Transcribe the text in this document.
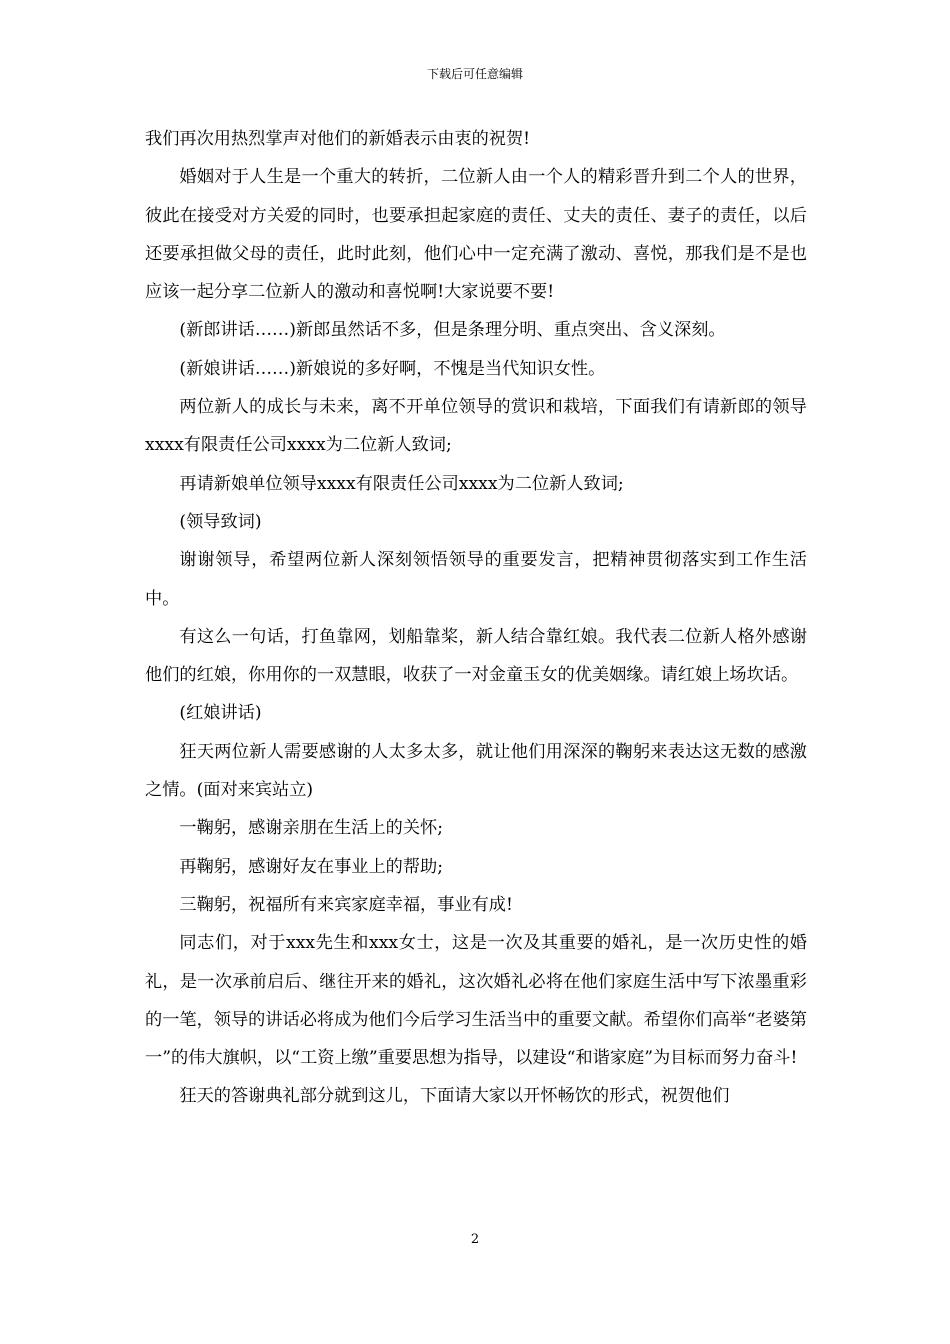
下载后可任意编辑

我们再次用热烈掌声对他们的新婚表示由衷的祝贺!

婚姻对于人生是一个重大的转折，二位新人由一个人的精彩晋升到二个人的世界，彼此在接受对方关爱的同时，也要承担起家庭的责任、丈夫的责任、妻子的责任，以后还要承担做父母的责任，此时此刻，他们心中一定充满了激动、喜悦，那我们是不是也应该一起分享二位新人的激动和喜悦啊!大家说要不要!

(新郎讲话……)新郎虽然话不多，但是条理分明、重点突出、含义深刻。

(新娘讲话……)新娘说的多好啊，不愧是当代知识女性。

两位新人的成长与未来，离不开单位领导的赏识和栽培，下面我们有请新郎的领导xxxx有限责任公司xxxx为二位新人致词;

再请新娘单位领导xxxx有限责任公司xxxx为二位新人致词;

(领导致词)

谢谢领导，希望两位新人深刻领悟领导的重要发言，把精神贯彻落实到工作生活中。

有这么一句话，打鱼靠网，划船靠桨，新人结合靠红娘。我代表二位新人格外感谢他们的红娘，你用你的一双慧眼，收获了一对金童玉女的优美姻缘。请红娘上场坎话。

(红娘讲话)

狂天两位新人需要感谢的人太多太多，就让他们用深深的鞠躬来表达这无数的感激之情。(面对来宾站立)

一鞠躬，感谢亲朋在生活上的关怀;

再鞠躬，感谢好友在事业上的帮助;

三鞠躬，祝福所有来宾家庭幸福，事业有成!

同志们，对于xxx先生和xxx女士，这是一次及其重要的婚礼，是一次历史性的婚礼，是一次承前启后、继往开来的婚礼，这次婚礼必将在他们家庭生活中写下浓墨重彩的一笔，领导的讲话必将成为他们今后学习生活当中的重要文献。希望你们高举“老婆第一”的伟大旗帜，以“工资上缴”重要思想为指导，以建设“和谐家庭”为目标而努力奋斗!

狂天的答谢典礼部分就到这儿，下面请大家以开怀畅饮的形式，祝贺他们

2
